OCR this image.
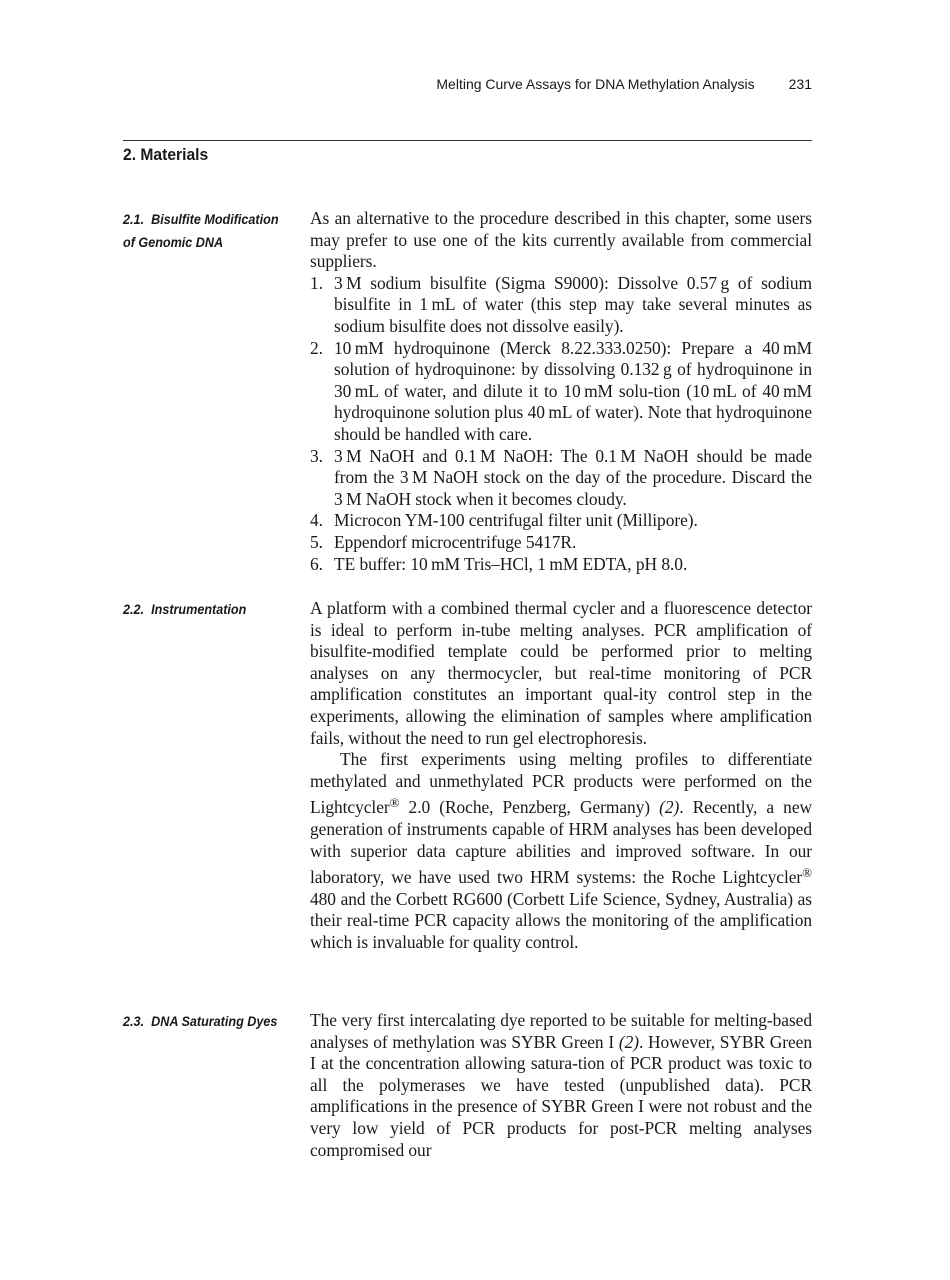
Melting Curve Assays for DNA Methylation Analysis 231
2. Materials
2.1. Bisulfite Modification of Genomic DNA

As an alternative to the procedure described in this chapter, some users may prefer to use one of the kits currently available from commercial suppliers.

1. 3 M sodium bisulfite (Sigma S9000): Dissolve 0.57 g of sodium bisulfite in 1 mL of water (this step may take several minutes as sodium bisulfite does not dissolve easily).
2. 10 mM hydroquinone (Merck 8.22.333.0250): Prepare a 40 mM solution of hydroquinone: by dissolving 0.132 g of hydroquinone in 30 mL of water, and dilute it to 10 mM solu-tion (10 mL of 40 mM hydroquinone solution plus 40 mL of water). Note that hydroquinone should be handled with care.
3. 3 M NaOH and 0.1 M NaOH: The 0.1 M NaOH should be made from the 3 M NaOH stock on the day of the procedure. Discard the 3 M NaOH stock when it becomes cloudy.
4. Microcon YM-100 centrifugal filter unit (Millipore).
5. Eppendorf microcentrifuge 5417R.
6. TE buffer: 10 mM Tris–HCl, 1 mM EDTA, pH 8.0.
2.2. Instrumentation	A platform with a combined thermal cycler and a fluorescence detector is ideal to perform in-tube melting analyses. PCR amplification of bisulfite-modified template could be performed prior to melting analyses on any thermocycler, but real-time monitoring of PCR amplification constitutes an important qual-ity control step in the experiments, allowing the elimination of samples where amplification fails, without the need to run gel electrophoresis.

The first experiments using melting profiles to differentiate methylated and unmethylated PCR products were performed on the Lightcycler® 2.0 (Roche, Penzberg, Germany) (2). Recently, a new generation of instruments capable of HRM analyses has been developed with superior data capture abilities and improved software. In our laboratory, we have used two HRM systems: the Roche Lightcycler® 480 and the Corbett RG600 (Corbett Life Science, Sydney, Australia) as their real-time PCR capacity allows the monitoring of the amplification which is invaluable for quality control.

2.3. DNA Saturating Dyes The very first intercalating dye reported to be suitable for melting-based analyses of methylation was SYBR Green I (2). However, SYBR Green I at the concentration allowing satura-tion of PCR product was toxic to all the polymerases we have tested (unpublished data). PCR amplifications in the presence of SYBR Green I were not robust and the very low yield of PCR products for post-PCR melting analyses compromised our
